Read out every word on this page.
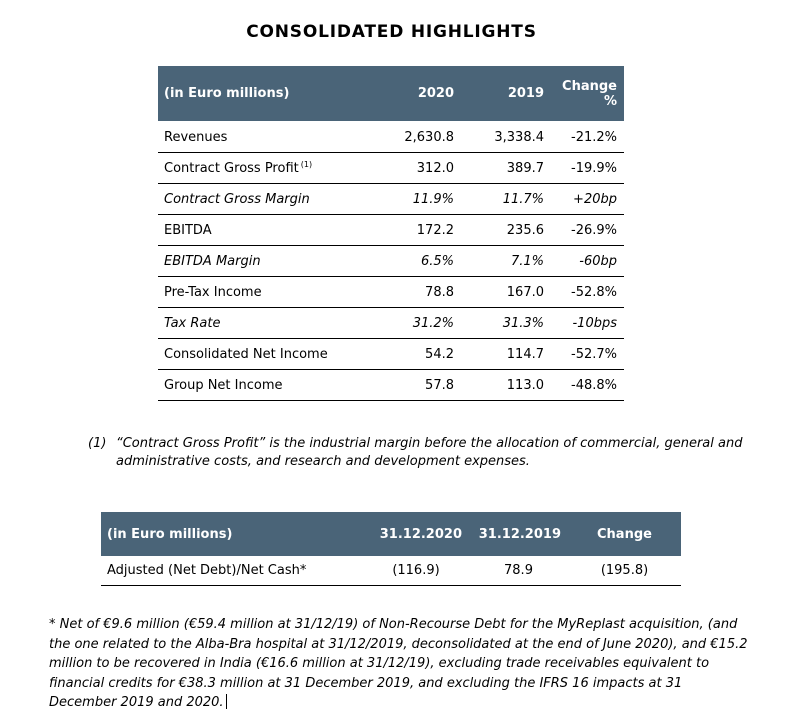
CONSOLIDATED HIGHLIGHTS
(in Euro millions)	2020	2019	Change %
Revenues	2,630.8	3,338.4	-21.2%
Contract Gross Profit $^{(1)}$	312.0	389.7	-19.9%
Contract Gross Margin	11.9%	11.7%	+20bp
EBITDA	172.2	235.6	-26.9%
EBITDA Margin	6.5%	7.1%	-60bp
Pre-Tax Income	78.8	167.0	-52.8%
Tax Rate	31.2%	31.3%	-10bps
Consolidated Net Income	54.2	114.7	-52.7%
Group Net Income	57.8	113.0	-48.8%
(1) “Contract Gross Profit” is the industrial margin before the allocation of commercial, general and administrative costs, and research and development expenses.
(in Euro millions)	31.12.2020	31.12.2019	Change
Adjusted (Net Debt)/Net Cash*	(116.9)	78.9	(195.8)
* Net of €9.6 million (€59.4 million at 31/12/19) of Non-Recourse Debt for the MyReplast acquisition, (and the one related to the Alba-Bra hospital at 31/12/2019, deconsolidated at the end of June 2020), and €15.2 million to be recovered in India (€16.6 million at 31/12/19), excluding trade receivables equivalent to financial credits for €38.3 million at 31 December 2019, and excluding the IFRS 16 impacts at 31 December 2019 and 2020.
